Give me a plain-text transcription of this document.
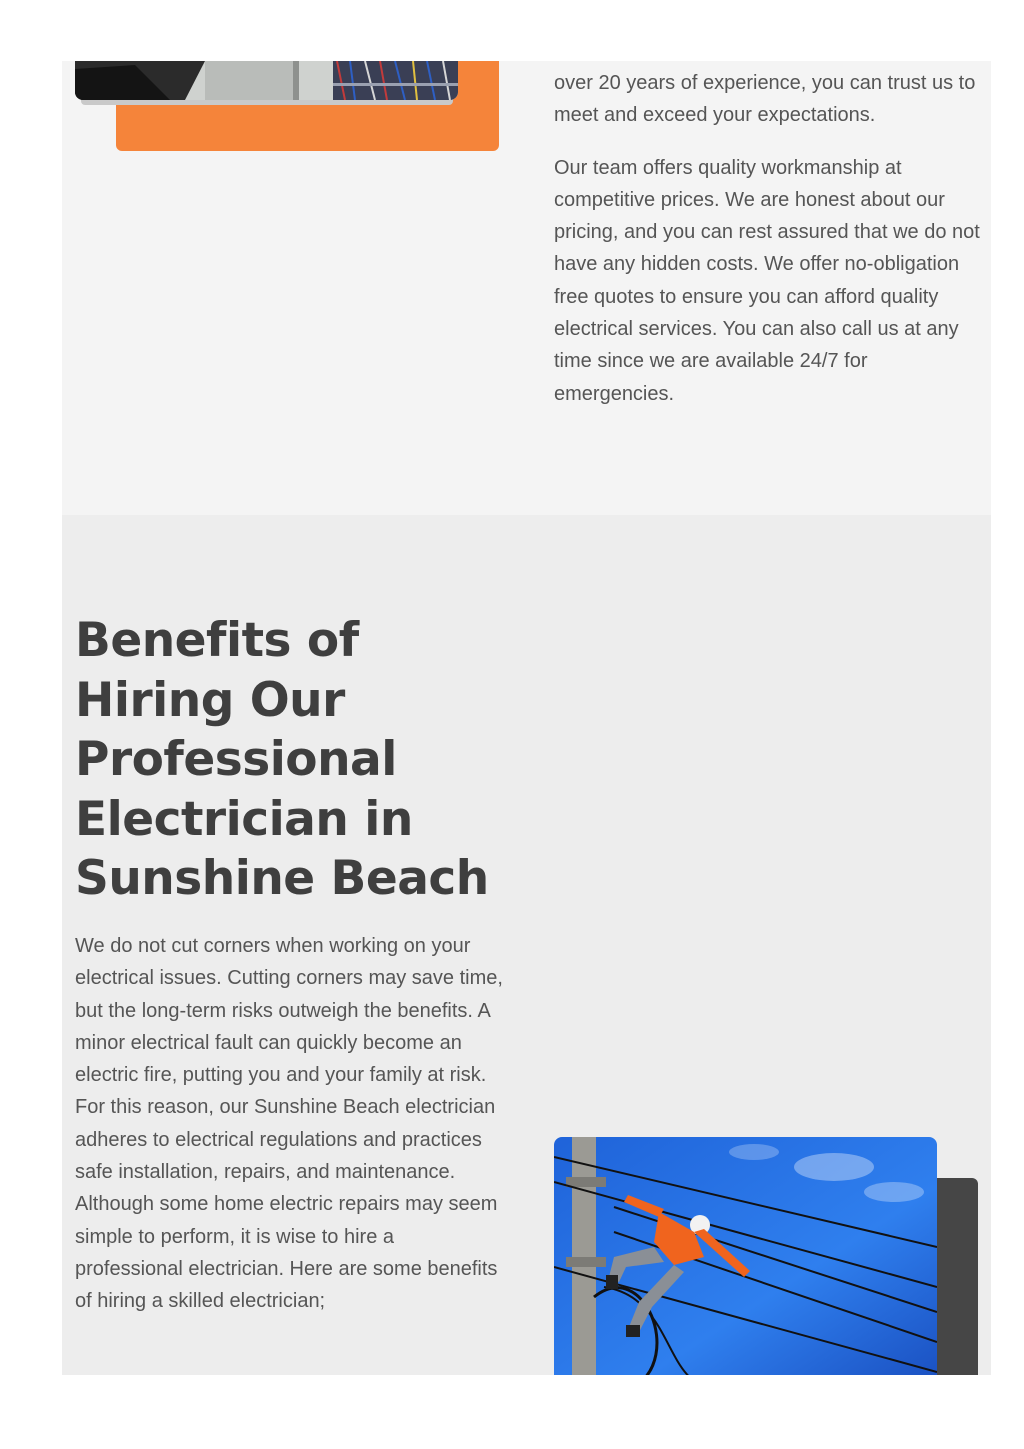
over 20 years of experience, you can trust us to meet and exceed your expectations.

Our team offers quality workmanship at competitive prices. We are honest about our pricing, and you can rest assured that we do not have any hidden costs. We offer no-obligation free quotes to ensure you can afford quality electrical services. You can also call us at any time since we are available 24/7 for emergencies.

Benefits of Hiring Our Professional Electrician in Sunshine Beach

We do not cut corners when working on your electrical issues. Cutting corners may save time, but the long-term risks outweigh the benefits. A minor electrical fault can quickly become an electric fire, putting you and your family at risk. For this reason, our Sunshine Beach electrician adheres to electrical regulations and practices safe installation, repairs, and maintenance. Although some home electric repairs may seem simple to perform, it is wise to hire a professional electrician. Here are some benefits of hiring a skilled electrician;
